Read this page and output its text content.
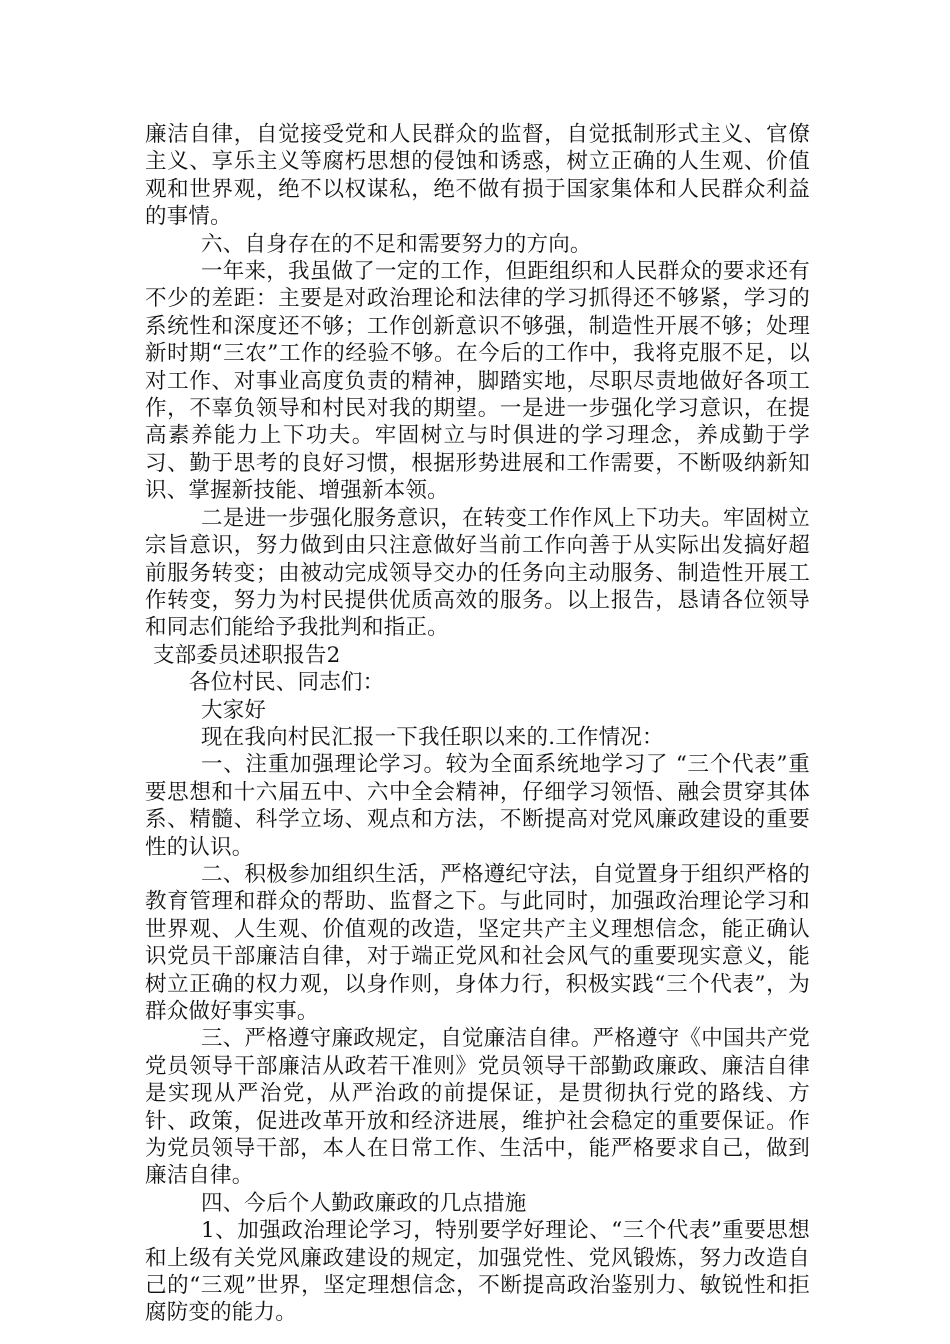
廉洁自律，自觉接受党和人民群众的监督，自觉抵制形式主义、官僚主义、享乐主义等腐朽思想的侵蚀和诱惑，树立正确的人生观、价值观和世界观，绝不以权谋私，绝不做有损于国家集体和人民群众利益的事情。

六、自身存在的不足和需要努力的方向。

一年来，我虽做了一定的工作，但距组织和人民群众的要求还有不少的差距：主要是对政治理论和法律的学习抓得还不够紧，学习的系统性和深度还不够；工作创新意识不够强，制造性开展不够；处理新时期“三农”工作的经验不够。在今后的工作中，我将克服不足，以对工作、对事业高度负责的精神，脚踏实地，尽职尽责地做好各项工作，不辜负领导和村民对我的期望。一是进一步强化学习意识，在提高素养能力上下功夫。牢固树立与时俱进的学习理念，养成勤于学习、勤于思考的良好习惯，根据形势进展和工作需要，不断吸纳新知识、掌握新技能、增强新本领。

二是进一步强化服务意识，在转变工作作风上下功夫。牢固树立宗旨意识，努力做到由只注意做好当前工作向善于从实际出发搞好超前服务转变；由被动完成领导交办的任务向主动服务、制造性开展工作转变，努力为村民提供优质高效的服务。以上报告，恳请各位领导和同志们能给予我批判和指正。

支部委员述职报告2

各位村民、同志们：

大家好

现在我向村民汇报一下我任职以来的.工作情况：

一、注重加强理论学习。较为全面系统地学习了 “三个代表”重要思想和十六届五中、六中全会精神，仔细学习领悟、融会贯穿其体系、精髓、科学立场、观点和方法，不断提高对党风廉政建设的重要性的认识。

二、积极参加组织生活，严格遵纪守法，自觉置身于组织严格的教育管理和群众的帮助、监督之下。与此同时，加强政治理论学习和世界观、人生观、价值观的改造，坚定共产主义理想信念，能正确认识党员干部廉洁自律，对于端正党风和社会风气的重要现实意义，能树立正确的权力观，以身作则，身体力行，积极实践“三个代表”，为群众做好事实事。

三、严格遵守廉政规定，自觉廉洁自律。严格遵守《中国共产党党员领导干部廉洁从政若干准则》党员领导干部勤政廉政、廉洁自律是实现从严治党，从严治政的前提保证，是贯彻执行党的路线、方针、政策，促进改革开放和经济进展，维护社会稳定的重要保证。作为党员领导干部，本人在日常工作、生活中，能严格要求自己，做到廉洁自律。

四、今后个人勤政廉政的几点措施

1、加强政治理论学习，特别要学好理论、“三个代表”重要思想和上级有关党风廉政建设的规定，加强党性、党风锻炼，努力改造自己的“三观”世界，坚定理想信念，不断提高政治鉴别力、敏锐性和拒腐防变的能力。
